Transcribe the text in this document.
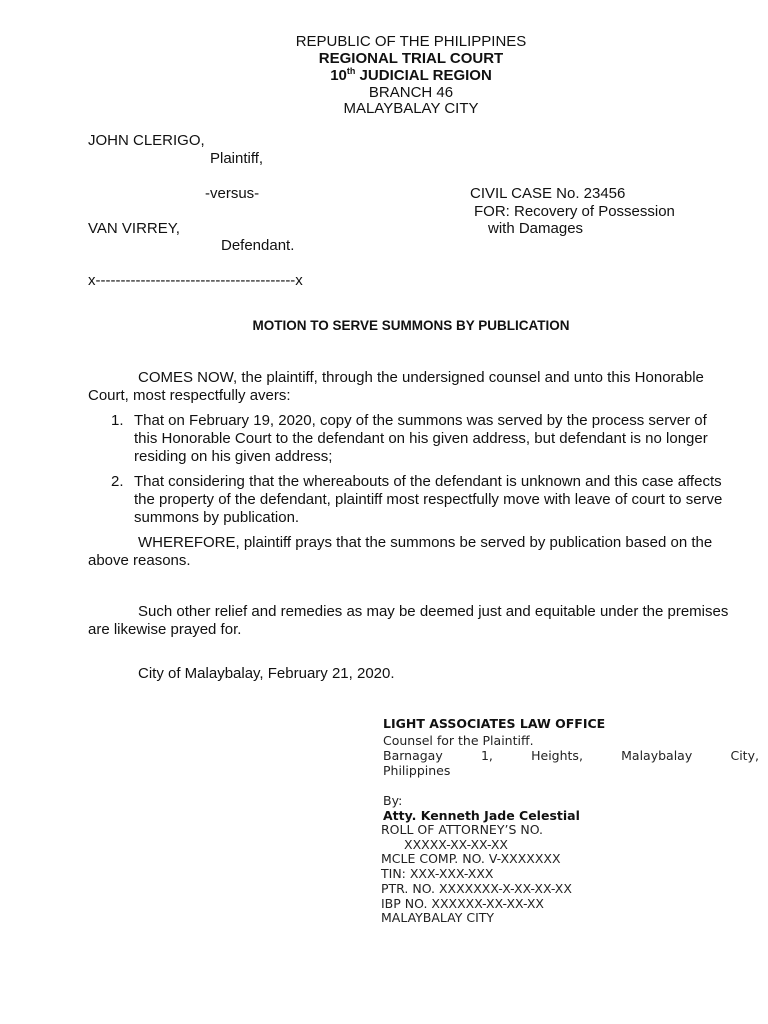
REPUBLIC OF THE PHILIPPINES
REGIONAL TRIAL COURT
10th JUDICIAL REGION
BRANCH 46
MALAYBALAY CITY
JOHN CLERIGO,
Plaintiff,
-versus-	CIVIL CASE No. 23456
FOR: Recovery of Possession
VAN VIRREY,	with Damages
Defendant.
x----------------------------------------x
MOTION TO SERVE SUMMONS BY PUBLICATION
COMES NOW, the plaintiff, through the undersigned counsel and unto this Honorable Court, most respectfully avers:
1. That on February 19, 2020, copy of the summons was served by the process server of this Honorable Court to the defendant on his given address, but defendant is no longer residing on his given address;
2. That considering that the whereabouts of the defendant is unknown and this case affects the property of the defendant, plaintiff most respectfully move with leave of court to serve summons by publication.
WHEREFORE, plaintiff prays that the summons be served by publication based on the above reasons.
Such other relief and remedies as may be deemed just and equitable under the premises are likewise prayed for.
City of Malaybalay, February 21, 2020.
LIGHT ASSOCIATES LAW OFFICE
Counsel for the Plaintiff.
Barnagay	1,	Heights,	Malaybalay	City,
Philippines
By:
Atty. Kenneth Jade Celestial
ROLL OF ATTORNEY’S NO.
XXXXX-XX-XX-XX
MCLE COMP. NO. V-XXXXXXX
TIN: XXX-XXX-XXX
PTR. NO. XXXXXXX-X-XX-XX-XX
IBP NO. XXXXXX-XX-XX-XX
MALAYBALAY CITY
